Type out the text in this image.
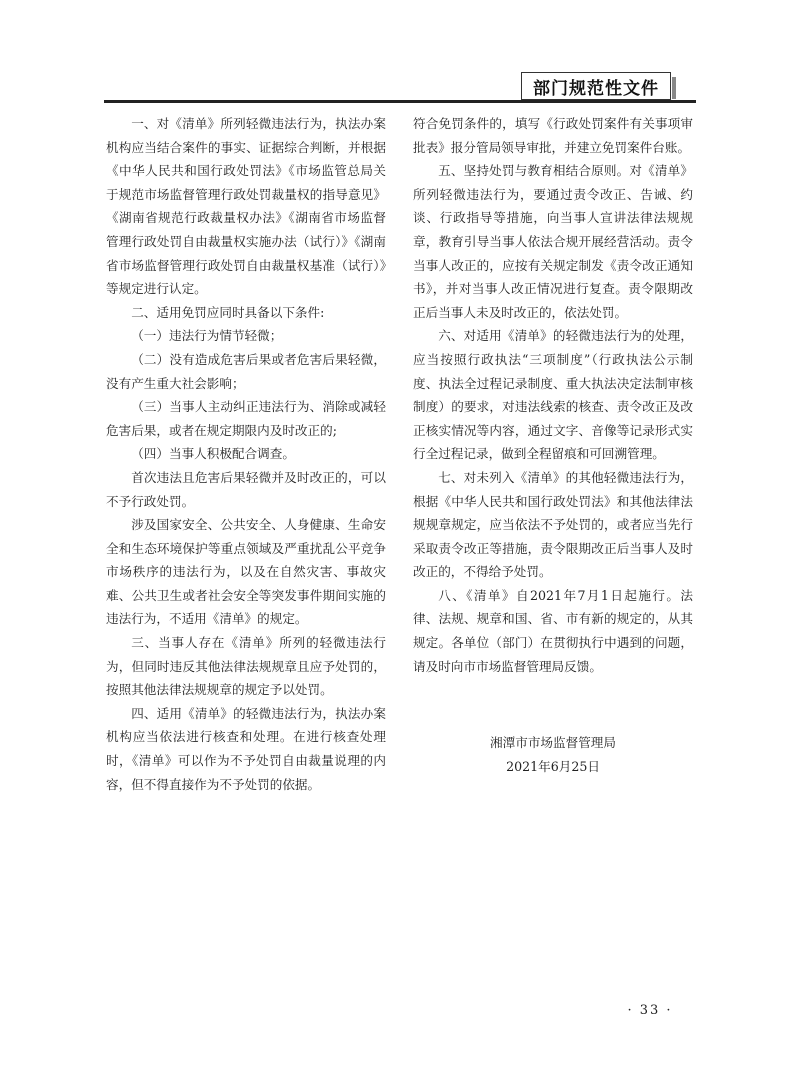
部门规范性文件

一、对《清单》所列轻微违法行为，执法办案机构应当结合案件的事实、证据综合判断，并根据《中华人民共和国行政处罚法》《市场监管总局关于规范市场监督管理行政处罚裁量权的指导意见》《湖南省规范行政裁量权办法》《湖南省市场监督管理行政处罚自由裁量权实施办法（试行）》《湖南省市场监督管理行政处罚自由裁量权基准（试行）》等规定进行认定。

二、适用免罚应同时具备以下条件:

（一）违法行为情节轻微；

（二）没有造成危害后果或者危害后果轻微，没有产生重大社会影响；

（三）当事人主动纠正违法行为、消除或减轻危害后果，或者在规定期限内及时改正的;

（四）当事人积极配合调查。

首次违法且危害后果轻微并及时改正的，可以不予行政处罚。

涉及国家安全、公共安全、人身健康、生命安全和生态环境保护等重点领域及严重扰乱公平竞争市场秩序的违法行为，以及在自然灾害、事故灾难、公共卫生或者社会安全等突发事件期间实施的违法行为，不适用《清单》的规定。

三、当事人存在《清单》所列的轻微违法行为，但同时违反其他法律法规规章且应予处罚的，按照其他法律法规规章的规定予以处罚。

四、适用《清单》的轻微违法行为，执法办案机构应当依法进行核查和处理。在进行核查处理时，《清单》可以作为不予处罚自由裁量说理的内容，但不得直接作为不予处罚的依据。

符合免罚条件的，填写《行政处罚案件有关事项审批表》报分管局领导审批，并建立免罚案件台账。

五、坚持处罚与教育相结合原则。对《清单》所列轻微违法行为，要通过责令改正、告诫、约谈、行政指导等措施，向当事人宣讲法律法规规章，教育引导当事人依法合规开展经营活动。责令当事人改正的，应按有关规定制发《责令改正通知书》，并对当事人改正情况进行复查。责令限期改正后当事人未及时改正的，依法处罚。

六、对适用《清单》的轻微违法行为的处理，应当按照行政执法“三项制度”（行政执法公示制度、执法全过程记录制度、重大执法决定法制审核制度）的要求，对违法线索的核查、责令改正及改正核实情况等内容，通过文字、音像等记录形式实行全过程记录，做到全程留痕和可回溯管理。

七、对未列入《清单》的其他轻微违法行为，根据《中华人民共和国行政处罚法》和其他法律法规规章规定，应当依法不予处罚的，或者应当先行采取责令改正等措施，责令限期改正后当事人及时改正的，不得给予处罚。

八、《清单》自2021年7月1日起施行。法律、法规、规章和国、省、市有新的规定的，从其规定。各单位（部门）在贯彻执行中遇到的问题，请及时向市市场监督管理局反馈。

湘潭市市场监督管理局
2021年6月25日
· 33 ·
